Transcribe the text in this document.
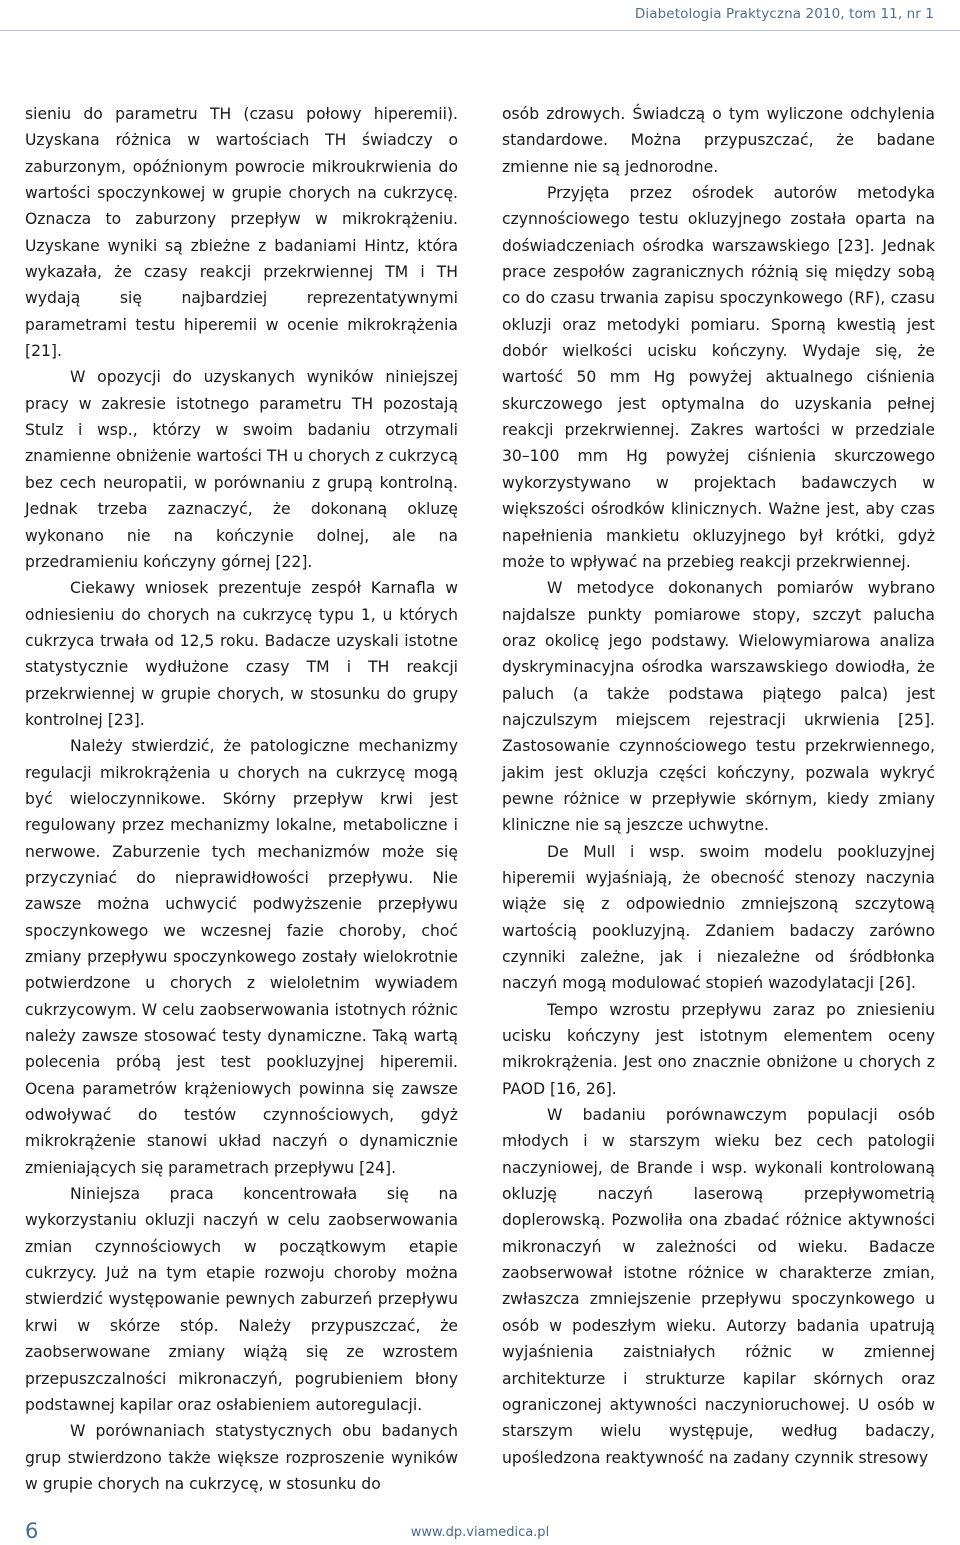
Diabetologia Praktyczna 2010, tom 11, nr 1

sieniu do parametru TH (czasu połowy hiperemii). Uzyskana różnica w wartościach TH świadczy o zaburzonym, opóźnionym powrocie mikroukrwienia do wartości spoczynkowej w grupie chorych na cukrzycę. Oznacza to zaburzony przepływ w mikrokrążeniu. Uzyskane wyniki są zbieżne z badaniami Hintz, która wykazała, że czasy reakcji przekrwiennej TM i TH wydają się najbardziej reprezentatywnymi parametrami testu hiperemii w ocenie mikrokrążenia [21].

W opozycji do uzyskanych wyników niniejszej pracy w zakresie istotnego parametru TH pozostają Stulz i wsp., którzy w swoim badaniu otrzymali znamienne obniżenie wartości TH u chorych z cukrzycą bez cech neuropatii, w porównaniu z grupą kontrolną. Jednak trzeba zaznaczyć, że dokonaną okluzę wykonano nie na kończynie dolnej, ale na przedramieniu kończyny górnej [22].

Ciekawy wniosek prezentuje zespół Karnafla w odniesieniu do chorych na cukrzycę typu 1, u których cukrzyca trwała od 12,5 roku. Badacze uzyskali istotne statystycznie wydłużone czasy TM i TH reakcji przekrwiennej w grupie chorych, w stosunku do grupy kontrolnej [23].

Należy stwierdzić, że patologiczne mechanizmy regulacji mikrokrążenia u chorych na cukrzycę mogą być wieloczynnikowe. Skórny przepływ krwi jest regulowany przez mechanizmy lokalne, metaboliczne i nerwowe. Zaburzenie tych mechanizmów może się przyczyniać do nieprawidłowości przepływu. Nie zawsze można uchwycić podwyższenie przepływu spoczynkowego we wczesnej fazie choroby, choć zmiany przepływu spoczynkowego zostały wielokrotnie potwierdzone u chorych z wieloletnim wywiadem cukrzycowym. W celu zaobserwowania istotnych różnic należy zawsze stosować testy dynamiczne. Taką wartą polecenia próbą jest test pookluzyjnej hiperemii. Ocena parametrów krążeniowych powinna się zawsze odwoływać do testów czynnościowych, gdyż mikrokrążenie stanowi układ naczyń o dynamicznie zmieniających się parametrach przepływu [24].

Niniejsza praca koncentrowała się na wykorzystaniu okluzji naczyń w celu zaobserwowania zmian czynnościowych w początkowym etapie cukrzycy. Już na tym etapie rozwoju choroby można stwierdzić występowanie pewnych zaburzeń przepływu krwi w skórze stóp. Należy przypuszczać, że zaobserwowane zmiany wiążą się ze wzrostem przepuszczalności mikronaczyń, pogrubieniem błony podstawnej kapilar oraz osłabieniem autoregulacji.

W porównaniach statystycznych obu badanych grup stwierdzono także większe rozproszenie wyników w grupie chorych na cukrzycę, w stosunku do

osób zdrowych. Świadczą o tym wyliczone odchylenia standardowe. Można przypuszczać, że badane zmienne nie są jednorodne.

Przyjęta przez ośrodek autorów metodyka czynnościowego testu okluzyjnego została oparta na doświadczeniach ośrodka warszawskiego [23]. Jednak prace zespołów zagranicznych różnią się między sobą co do czasu trwania zapisu spoczynkowego (RF), czasu okluzji oraz metodyki pomiaru. Sporną kwestią jest dobór wielkości ucisku kończyny. Wydaje się, że wartość 50 mm Hg powyżej aktualnego ciśnienia skurczowego jest optymalna do uzyskania pełnej reakcji przekrwiennej. Zakres wartości w przedziale 30–100 mm Hg powyżej ciśnienia skurczowego wykorzystywano w projektach badawczych w większości ośrodków klinicznych. Ważne jest, aby czas napełnienia mankietu okluzyjnego był krótki, gdyż może to wpływać na przebieg reakcji przekrwiennej.

W metodyce dokonanych pomiarów wybrano najdalsze punkty pomiarowe stopy, szczyt palucha oraz okolicę jego podstawy. Wielowymiarowa analiza dyskryminacyjna ośrodka warszawskiego dowiodła, że paluch (a także podstawa piątego palca) jest najczulszym miejscem rejestracji ukrwienia [25]. Zastosowanie czynnościowego testu przekrwiennego, jakim jest okluzja części kończyny, pozwala wykryć pewne różnice w przepływie skórnym, kiedy zmiany kliniczne nie są jeszcze uchwytne.

De Mull i wsp. swoim modelu pookluzyjnej hiperemii wyjaśniają, że obecność stenozy naczynia wiąże się z odpowiednio zmniejszoną szczytową wartością pookluzyjną. Zdaniem badaczy zarówno czynniki zależne, jak i niezależne od śródbłonka naczyń mogą modulować stopień wazodylatacji [26].

Tempo wzrostu przepływu zaraz po zniesieniu ucisku kończyny jest istotnym elementem oceny mikrokrążenia. Jest ono znacznie obniżone u chorych z PAOD [16, 26].

W badaniu porównawczym populacji osób młodych i w starszym wieku bez cech patologii naczyniowej, de Brande i wsp. wykonali kontrolowaną okluzję naczyń laserową przepływometrią doplerowską. Pozwoliła ona zbadać różnice aktywności mikronaczyń w zależności od wieku. Badacze zaobserwował istotne różnice w charakterze zmian, zwłaszcza zmniejszenie przepływu spoczynkowego u osób w podeszłym wieku. Autorzy badania upatrują wyjaśnienia zaistniałych różnic w zmiennej architekturze i strukturze kapilar skórnych oraz ograniczonej aktywności naczynioruchowej. U osób w starszym wielu występuje, według badaczy, upośledzona reaktywność na zadany czynnik stresowy

6	www.dp.viamedica.pl
